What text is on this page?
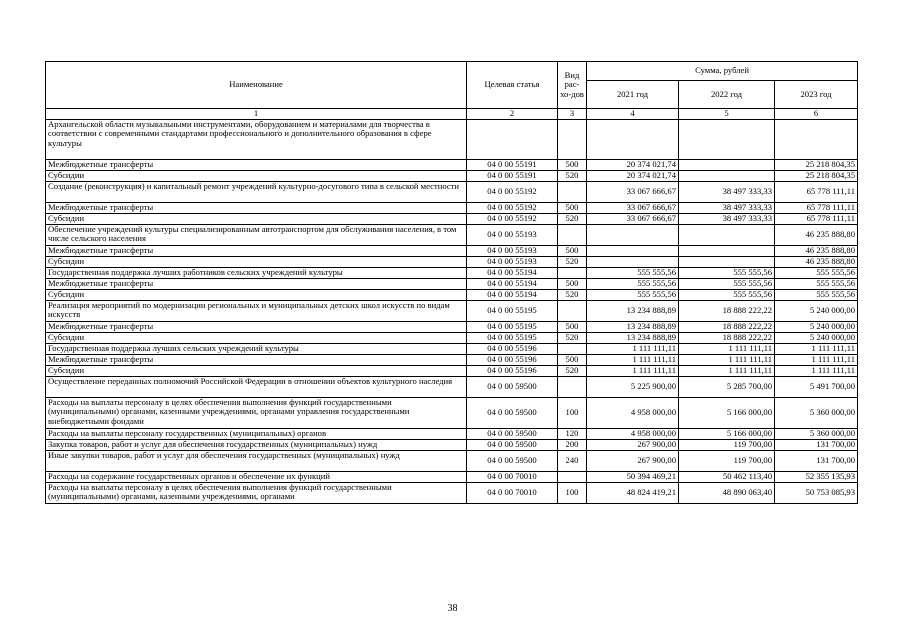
Наименование	Целевая статья	Вид рас-хо-дов	Сумма, рублей		
			2021 год	2022 год	2023 год
1	2	3	4	5	6
Архангельской области музыкальными инструментами, оборудованием и материалами для творчества в соответствии с современными стандартами профессионального и дополнительного образования в сфере культуры					
Межбюджетные трансферты	04 0 00 55191	500	20 374 021,74		25 218 804,35
Субсидии	04 0 00 55191	520	20 374 021,74		25 218 804,35
Создание (реконструкция) и капитальный ремонт учреждений культурно-досугового типа в сельской местности	04 0 00 55192		33 067 666,67	38 497 333,33	65 778 111,11
Межбюджетные трансферты	04 0 00 55192	500	33 067 666,67	38 497 333,33	65 778 111,11
Субсидии	04 0 00 55192	520	33 067 666,67	38 497 333,33	65 778 111,11
Обеспечение учреждений культуры специализированным автотранспортом для обслуживания населения, в том числе сельского населения	04 0 00 55193				46 235 888,80
Межбюджетные трансферты	04 0 00 55193	500			46 235 888,80
Субсидии	04 0 00 55193	520			46 235 888,80
Государственная поддержка лучших работников сельских учреждений культуры	04 0 00 55194		555 555,56	555 555,56	555 555,56
Межбюджетные трансферты	04 0 00 55194	500	555 555,56	555 555,56	555 555,56
Субсидии	04 0 00 55194	520	555 555,56	555 555,56	555 555,56
Реализация мероприятий по модернизации региональных и муниципальных детских школ искусств по видам искусств	04 0 00 55195		13 234 888,89	18 888 222,22	5 240 000,00
Межбюджетные трансферты	04 0 00 55195	500	13 234 888,89	18 888 222,22	5 240 000,00
Субсидии	04 0 00 55195	520	13 234 888,89	18 888 222,22	5 240 000,00
Государственная поддержка лучших сельских учреждений культуры	04 0 00 55196		1 111 111,11	1 111 111,11	1 111 111,11
Межбюджетные трансферты	04 0 00 55196	500	1 111 111,11	1 111 111,11	1 111 111,11
Субсидии	04 0 00 55196	520	1 111 111,11	1 111 111,11	1 111 111,11
Осуществление переданных полномочий Российской Федерации в отношении объектов культурного наследия	04 0 00 59500		5 225 900,00	5 285 700,00	5 491 700,00
Расходы на выплаты персоналу в целях обеспечения выполнения функций государственными (муниципальными) органами, казенными учреждениями, органами управления государственными внебюджетными фондами	04 0 00 59500	100	4 958 000,00	5 166 000,00	5 360 000,00
Расходы на выплаты персоналу государственных (муниципальных) органов	04 0 00 59500	120	4 958 000,00	5 166 000,00	5 360 000,00
Закупка товаров, работ и услуг для обеспечения государственных (муниципальных) нужд	04 0 00 59500	200	267 900,00	119 700,00	131 700,00
Иные закупки товаров, работ и услуг для обеспечения государственных (муниципальных) нужд	04 0 00 59500	240	267 900,00	119 700,00	131 700,00
Расходы на содержание государственных органов и обеспечение их функций	04 0 00 70010		50 394 469,21	50 462 113,40	52 355 135,93
Расходы на выплаты персоналу в целях обеспечения выполнения функций государственными (муниципальными) органами, казенными учреждениями, органами	04 0 00 70010	100	48 824 419,21	48 890 063,40	50 753 085,93
38
